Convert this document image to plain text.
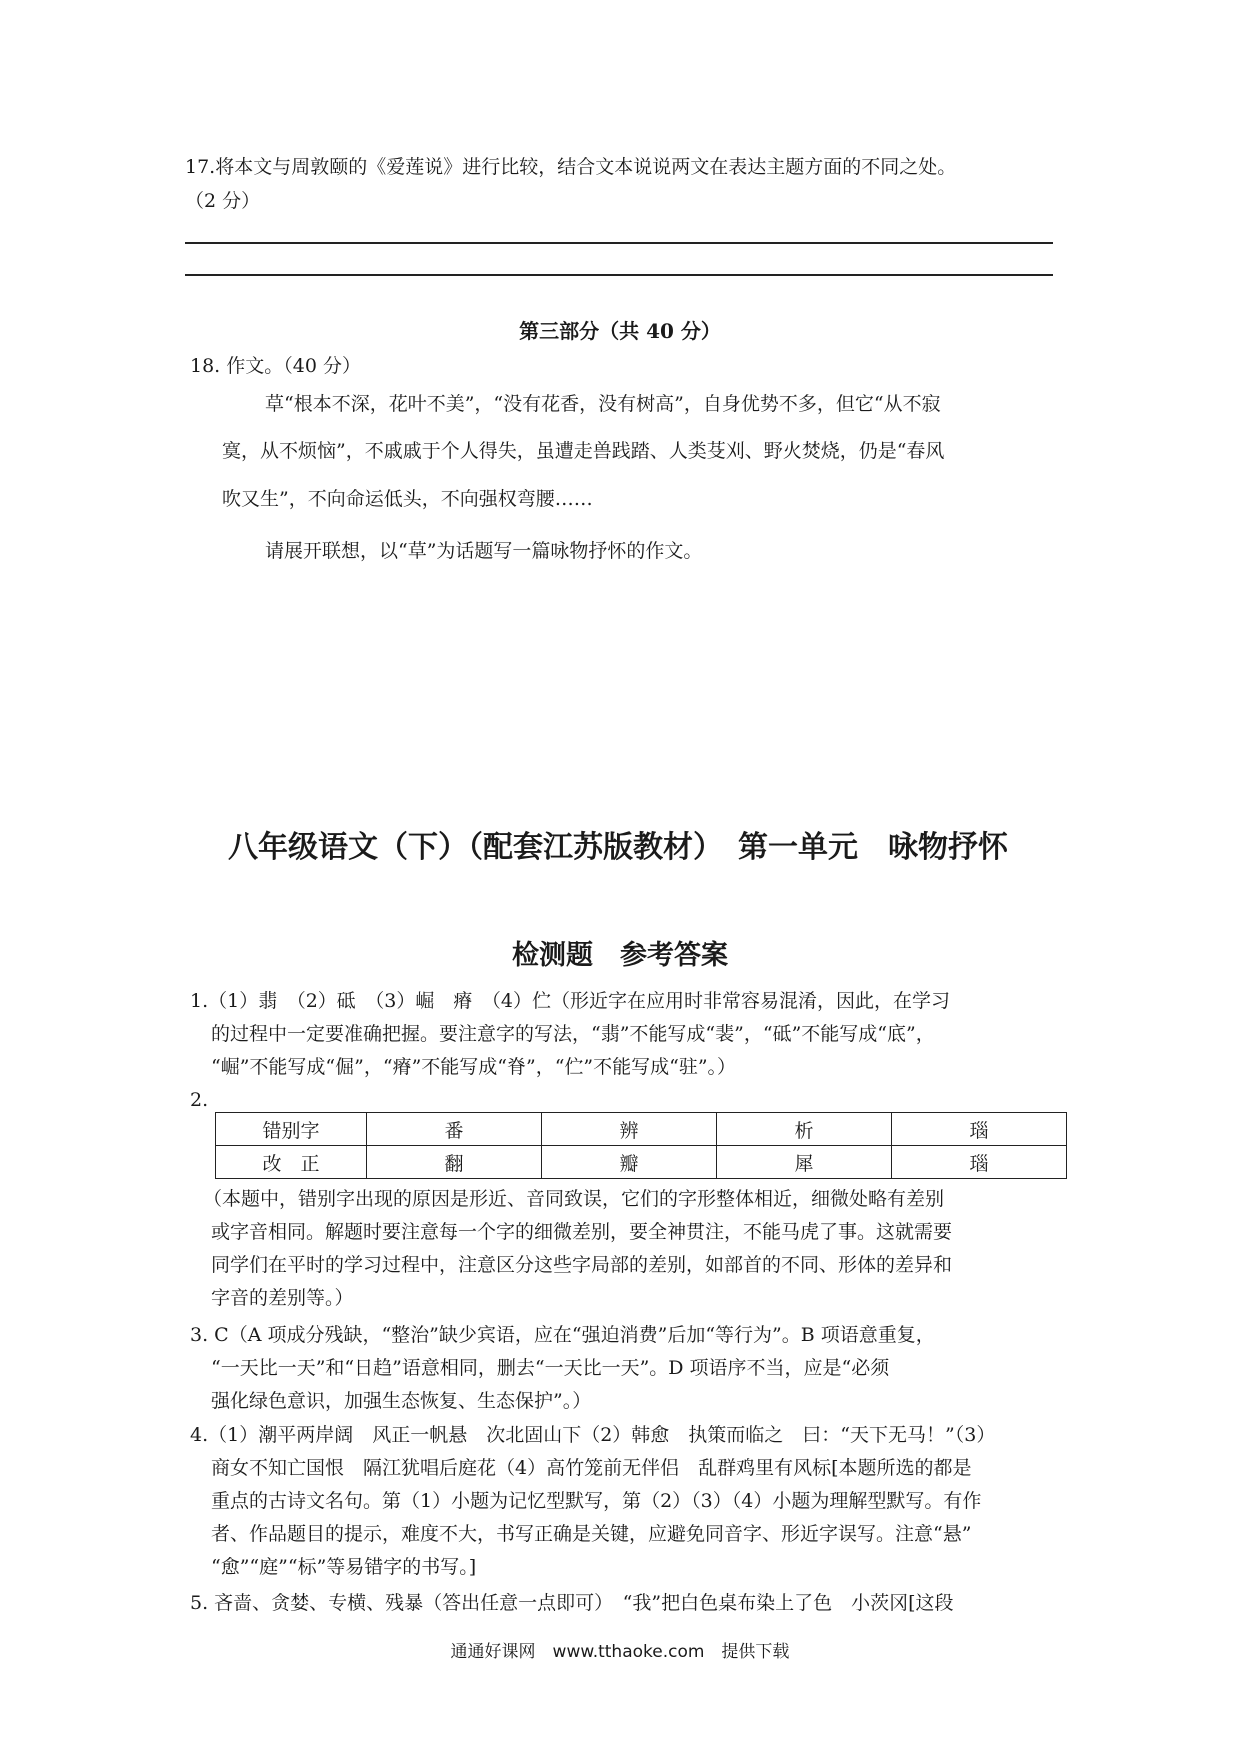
17.将本文与周敦颐的《爱莲说》进行比较，结合文本说说两文在表达主题方面的不同之处。
（2 分）
第三部分（共 40 分）
18. 作文。（40 分）
草“根本不深，花叶不美”，“没有花香，没有树高”，自身优势不多，但它“从不寂
寞，从不烦恼”，不戚戚于个人得失，虽遭走兽践踏、人类芟刈、野火焚烧，仍是“春风
吹又生”，不向命运低头，不向强权弯腰……
请展开联想，以“草”为话题写一篇咏物抒怀的作文。
八年级语文（下）（配套江苏版教材）　第一单元　咏物抒怀
检测题　参考答案
1.（1）翡　（2）砥　（3）崛　瘠　（4）伫（形近字在应用时非常容易混淆，因此，在学习
的过程中一定要准确把握。要注意字的写法，“翡”不能写成“裴”，“砥”不能写成“底”，
“崛”不能写成“倔”，“瘠”不能写成“脊”，“伫”不能写成“驻”。）
2.
错别字	番	辨	析	瑙
改　正	翻	瓣	犀	瑙
（本题中，错别字出现的原因是形近、音同致误，它们的字形整体相近，细微处略有差别
或字音相同。解题时要注意每一个字的细微差别，要全神贯注，不能马虎了事。这就需要
同学们在平时的学习过程中，注意区分这些字局部的差别，如部首的不同、形体的差异和
字音的差别等。）
3. C（A 项成分残缺，“整治”缺少宾语，应在“强迫消费”后加“等行为”。B 项语意重复，
“一天比一天”和“日趋”语意相同，删去“一天比一天”。D 项语序不当，应是“必须
强化绿色意识，加强生态恢复、生态保护”。）
4.（1）潮平两岸阔　风正一帆悬　次北固山下（2）韩愈　执策而临之　曰：“天下无马！”（3）
商女不知亡国恨　隔江犹唱后庭花（4）高竹笼前无伴侣　乱群鸡里有风标[本题所选的都是
重点的古诗文名句。第（1）小题为记忆型默写，第（2）（3）（4）小题为理解型默写。有作
者、作品题目的提示，难度不大，书写正确是关键，应避免同音字、形近字误写。注意“悬”
“愈”“庭”“标”等易错字的书写。]
5. 吝啬、贪婪、专横、残暴（答出任意一点即可）　“我”把白色桌布染上了色　小茨冈[这段
通通好课网　www.tthaoke.com　提供下载
